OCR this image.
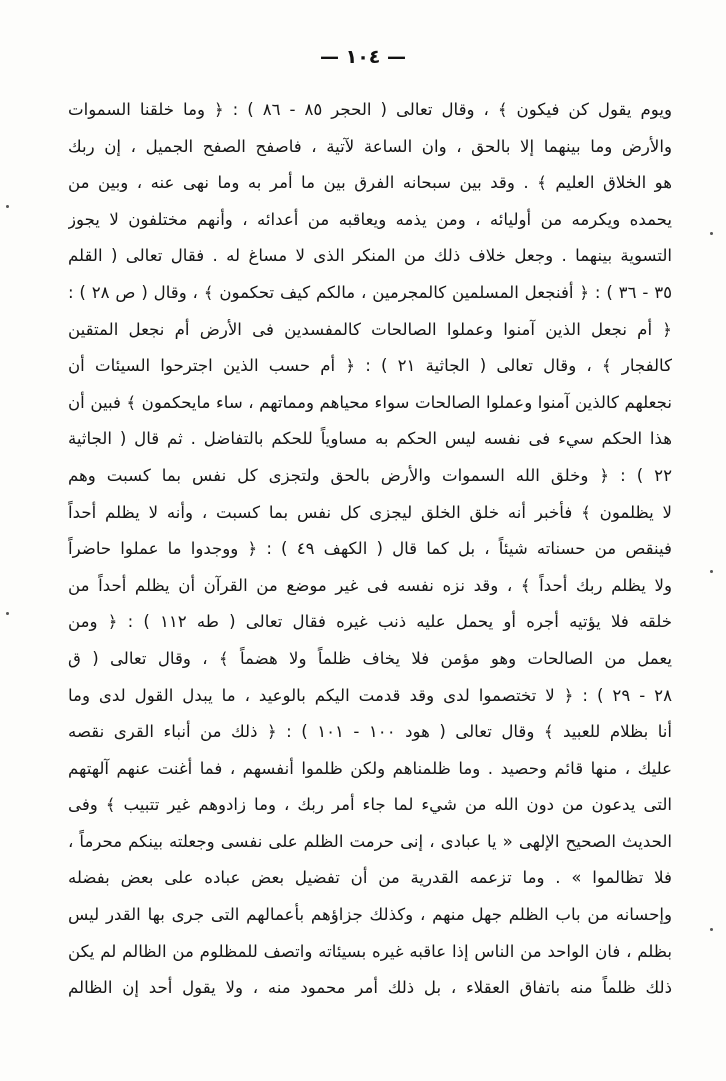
— ١٠٤ —
ويوم يقول كن فيكون ﴾ ، وقال تعالى ( الحجر ٨٥ - ٨٦ ) : ﴿ وما خلقنا السموات
والأرض وما بينهما إلا بالحق ، وان الساعة لآتية ، فاصفح الصفح الجميل ، إن ربك
هو الخلاق العليم ﴾ . وقد بين سبحانه الفرق بين ما أمر به وما نهى عنه ، وبين من
يحمده ويكرمه من أوليائه ، ومن يذمه ويعاقبه من أعدائه ، وأنهم مختلفون لا يجوز
التسوية بينهما . وجعل خلاف ذلك من المنكر الذى لا مساغ له . فقال تعالى ( القلم
٣٥ - ٣٦ ) : ﴿ أفنجعل المسلمين كالمجرمين ، مالكم كيف تحكمون ﴾ ، وقال ( ص ٢٨ ) :
﴿ أم نجعل الذين آمنوا وعملوا الصالحات كالمفسدين فى الأرض أم نجعل المتقين
كالفجار ﴾ ، وقال تعالى ( الجاثية ٢١ ) : ﴿ أم حسب الذين اجترحوا السيئات أن
نجعلهم كالذين آمنوا وعملوا الصالحات سواء محياهم ومماتهم ، ساء مايحكمون ﴾ فبين أن
هذا الحكم سيء فى نفسه ليس الحكم به مساوياً للحكم بالتفاضل . ثم قال ( الجاثية
٢٢ ) : ﴿ وخلق الله السموات والأرض بالحق ولتجزى كل نفس بما كسبت وهم
لا يظلمون ﴾ فأخبر أنه خلق الخلق ليجزى كل نفس بما كسبت ، وأنه لا يظلم أحداً
فينقص من حسناته شيئاً ، بل كما قال ( الكهف ٤٩ ) : ﴿ ووجدوا ما عملوا حاضراً
ولا يظلم ربك أحداً ﴾ ، وقد نزه نفسه فى غير موضع من القرآن أن يظلم أحداً من
خلقه فلا يؤتيه أجره أو يحمل عليه ذنب غيره فقال تعالى ( طه ١١٢ ) : ﴿ ومن
يعمل من الصالحات وهو مؤمن فلا يخاف ظلماً ولا هضماً ﴾ ، وقال تعالى ( ق
٢٨ - ٢٩ ) : ﴿ لا تختصموا لدى وقد قدمت اليكم بالوعيد ، ما يبدل القول لدى وما
أنا بظلام للعبيد ﴾ وقال تعالى ( هود ١٠٠ - ١٠١ ) : ﴿ ذلك من أنباء القرى نقصه
عليك ، منها قائم وحصيد . وما ظلمناهم ولكن ظلموا أنفسهم ، فما أغنت عنهم آلهتهم
التى يدعون من دون الله من شيء لما جاء أمر ربك ، وما زادوهم غير تتبيب ﴾ وفى
الحديث الصحيح الإلهى « يا عبادى ، إنى حرمت الظلم على نفسى وجعلته بينكم محرماً ،
فلا تظالموا » . وما تزعمه القدرية من أن تفضيل بعض عباده على بعض بفضله
وإحسانه من باب الظلم جهل منهم ، وكذلك جزاؤهم بأعمالهم التى جرى بها القدر ليس
بظلم ، فان الواحد من الناس إذا عاقبه غيره بسيئاته واتصف للمظلوم من الظالم لم يكن
ذلك ظلماً منه باتفاق العقلاء ، بل ذلك أمر محمود منه ، ولا يقول أحد إن الظالم
